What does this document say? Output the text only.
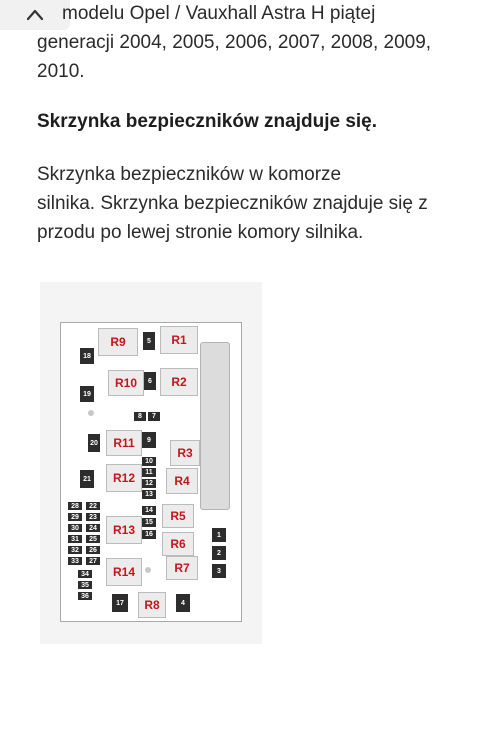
modelu Opel / Vauxhall Astra H piątej
generacji 2004, 2005, 2006, 2007, 2008, 2009, 2010.
Skrzynka bezpieczników znajduje się.
Skrzynka bezpieczników w komorze
silnika. Skrzynka bezpieczników znajduje się z
przodu po lewej stronie komory silnika.
R9	R1
R10	R2
R11
R3
R12	R4
R5
R13
R6
R7
R14
R8
18
5
6
19
8	7
20	9
10
11
12
13
21
14
15
16
28	22
29	23
30	24
31	25
32	26
33	27
34
35
36
17	4
1
2
3
